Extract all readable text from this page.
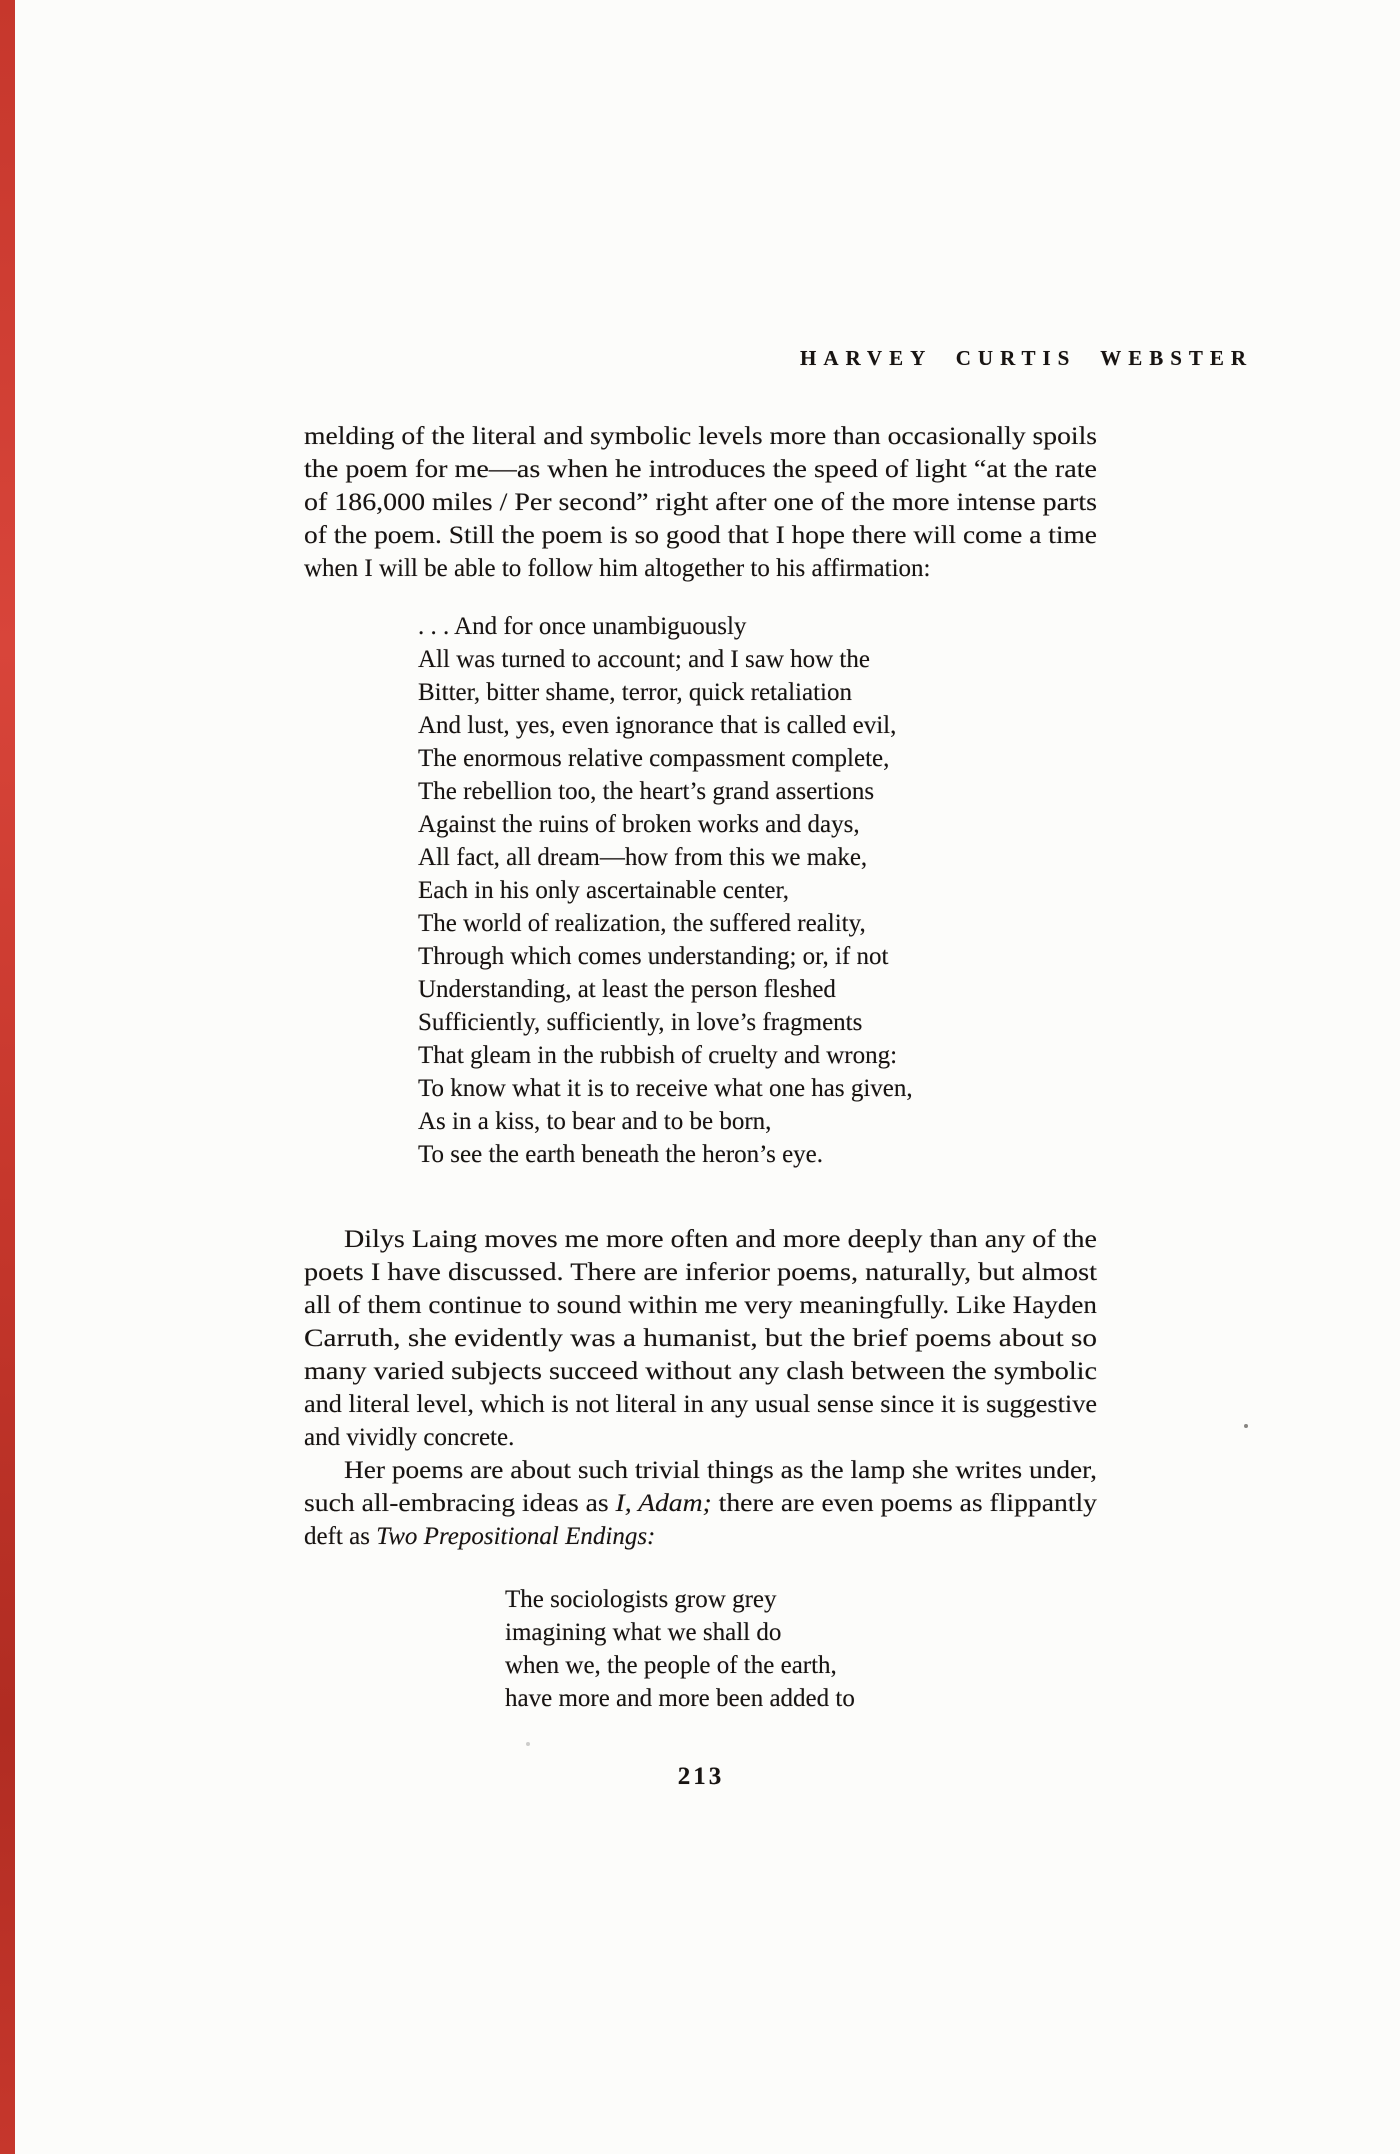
HARVEY CURTIS WEBSTER
melding of the literal and symbolic levels more than occasionally spoils
the poem for me—as when he introduces the speed of light “at the rate
of 186,000 miles / Per second” right after one of the more intense parts
of the poem. Still the poem is so good that I hope there will come a time
when I will be able to follow him altogether to his affirmation:
. . . And for once unambiguously
All was turned to account; and I saw how the
Bitter, bitter shame, terror, quick retaliation
And lust, yes, even ignorance that is called evil,
The enormous relative compassment complete,
The rebellion too, the heart’s grand assertions
Against the ruins of broken works and days,
All fact, all dream—how from this we make,
Each in his only ascertainable center,
The world of realization, the suffered reality,
Through which comes understanding; or, if not
Understanding, at least the person fleshed
Sufficiently, sufficiently, in love’s fragments
That gleam in the rubbish of cruelty and wrong:
To know what it is to receive what one has given,
As in a kiss, to bear and to be born,
To see the earth beneath the heron’s eye.
Dilys Laing moves me more often and more deeply than any of the
poets I have discussed. There are inferior poems, naturally, but almost
all of them continue to sound within me very meaningfully. Like Hayden
Carruth, she evidently was a humanist, but the brief poems about so
many varied subjects succeed without any clash between the symbolic
and literal level, which is not literal in any usual sense since it is suggestive
and vividly concrete.
Her poems are about such trivial things as the lamp she writes under,
such all-embracing ideas as I, Adam; there are even poems as flippantly
deft as Two Prepositional Endings:
The sociologists grow grey
imagining what we shall do
when we, the people of the earth,
have more and more been added to
213
